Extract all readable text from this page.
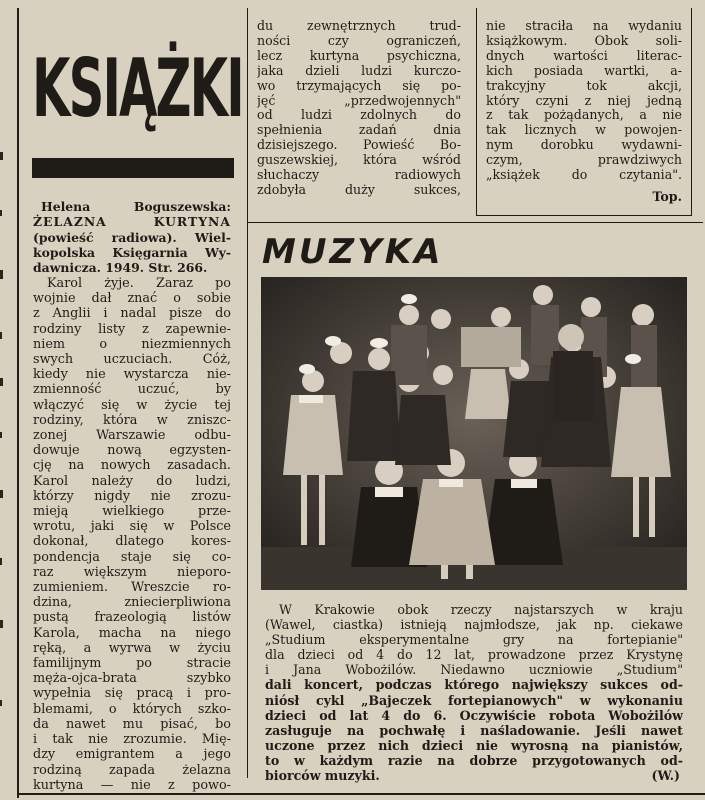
KSIĄŻKI

Helena Boguszewska:

ŻELAZNA KURTYNA

(powieść radiowa). Wiel-

kopolska Księgarnia Wy-

dawnicza. 1949. Str. 266.

Karol żyje. Zaraz po

wojnie dał znać o sobie

z Anglii i nadal pisze do

rodziny listy z zapewnie-

niem o niezmiennych

swych uczuciach. Cóż,

kiedy nie wystarcza nie-

zmienność uczuć, by

włączyć się w życie tej

rodziny, która w zniszc-

zonej Warszawie odbu-

dowuje nową egzysten-

cję na nowych zasadach.

Karol należy do ludzi,

którzy nigdy nie zrozu-

mieją wielkiego prze-

wrotu, jaki się w Polsce

dokonał, dlatego kores-

pondencja staje się co-

raz większym nieporo-

zumieniem. Wreszcie ro-

dzina, zniecierpliwiona

pustą frazeologią listów

Karola, macha na niego

ręką, a wyrwa w życiu

familijnym po stracie

męża-ojca-brata szybko

wypełnia się pracą i pro-

blemami, o których szko-

da nawet mu pisać, bo

i tak nie zrozumie. Mię-

dzy emigrantem a jego

rodziną zapada żelazna

kurtyna — nie z powo-

du zewnętrznych trud-

ności czy ograniczeń,

lecz kurtyna psychiczna,

jaka dzieli ludzi kurczo-

wo trzymających się po-

jęć „przedwojennych"

od ludzi zdolnych do

spełnienia zadań dnia

dzisiejszego. Powieść Bo-

guszewskiej, która wśród

słuchaczy radiowych

zdobyła duży sukces,

nie straciła na wydaniu

książkowym. Obok soli-

dnych wartości literac-

kich posiada wartki, a-

trakcyjny tok akcji,

który czyni z niej jedną

z tak pożądanych, a nie

tak licznych w powojen-

nym dorobku wydawni-

czym, prawdziwych

„książek do czytania".

Top.
MUZYKA

W Krakowie obok rzeczy najstarszych w kraju

(Wawel, ciastka) istnieją najmłodsze, jak np. ciekawe

„Studium eksperymentalne gry na fortepianie"

dla dzieci od 4 do 12 lat, prowadzone przez Krystynę

i Jana Wobożilów. Niedawno uczniowie „Studium"

dali koncert, podczas którego największy sukces od-

niósł cykl „Bajeczek fortepianowych" w wykonaniu

dzieci od lat 4 do 6. Oczywiście robota Wobożilów

zasługuje na pochwałę i naśladowanie. Jeśli nawet

uczone przez nich dzieci nie wyrosną na pianistów,

to w każdym razie na dobrze przygotowanych od-

biorców muzyki.	(W.)
